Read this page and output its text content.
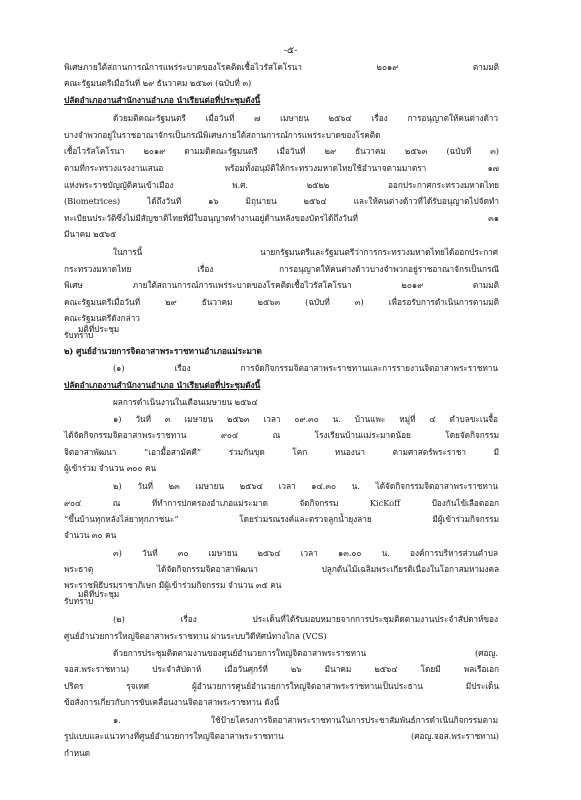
-๕-
พิเศษภายใต้สถานการณ์การแพร่ระบาดของโรคติดเชื้อไวรัสโคโรนา ๒๐๑๙ ตามมติ
คณะรัฐมนตรีเมื่อวันที่ ๒๙ ธันวาคม ๒๕๖๓ (ฉบับที่ ๓)
ปลัดอำเภองานสำนักงานอำเภอ นำเรียนต่อที่ประชุมดังนี้
ด้วยมติคณะรัฐมนตรี เมื่อวันที่ ๗ เมษายน ๒๕๖๔ เรื่อง การอนุญาตให้คนต่างด้าว
บางจำพวกอยู่ในราชอาณาจักรเป็นกรณีพิเศษภายใต้สถานการณ์การแพร่ระบาดของโรคติด
เชื้อไวรัสโคโรนา ๒๐๑๙ ตามมติคณะรัฐมนตรี เมื่อวันที่ ๒๙ ธันวาคม ๒๕๖๓ (ฉบับที่ ๓)
ตามที่กระทรวงแรงงานเสนอ พร้อมทั้งอนุมัติให้กระทรวงมหาดไทยใช้อำนาจตามมาตรา ๑๗
แห่งพระราชบัญญัติคนเข้าเมือง พ.ศ. ๒๕๒๒ ออกประกาศกระทรวงมหาดไทย
(Biometrices) ได้ถึงวันที่ ๑๖ มิถุนายน ๒๕๖๔ และให้คนต่างด้าวที่ได้รับอนุญาตไปจัดทำ
ทะเบียนประวัติซึ่งไม่มีสัญชาติไทยที่มีใบอนุญาตทำงานอยู่ด้านหลังของบัตรได้ถึงวันที่ ๓๑
มีนาคม ๒๕๖๕
ในการนี้ นายกรัฐมนตรีและรัฐมนตรีว่าการกระทรวงมหาดไทยได้ออกประกาศ
กระทรวงมหาดไทย เรื่อง การอนุญาตให้คนต่างด้าวบางจำพวกอยู่ราชอาณาจักรเป็นกรณี
พิเศษ ภายใต้สถานการณ์การแพร่ระบาดของโรคติดเชื้อไวรัสโคโรนา ๒๐๑๙ ตามมติ
คณะรัฐมนตรีเมื่อวันที่ ๒๙ ธันวาคม ๒๕๖๓ (ฉบับที่ ๓) เพื่อรอรับการดำเนินการตามมติ
คณะรัฐมนตรีดังกล่าว
มติที่ประชุม
รับทราบ
๒) ศูนย์อำนวยการจิตอาสาพระราชทานอำเภอแม่ระมาด
(๑) เรื่อง การจัดกิจกรรมจิตอาสาพระราชทานและการรายงานจิตอาสาพระราชทาน
ปลัดอำเภองานสำนักงานอำเภอ นำเรียนต่อที่ประชุมดังนี้
ผลการดำเนินงานในเดือนเมษายน ๒๕๖๔
๑) วันที่ ๓ เมษายน ๒๕๖๓ เวลา ๐๙.๓๐ น. บ้านแพะ หมู่ที่ ๔ ตำบลขะเนจื้อ
ได้จัดกิจกรรมจิตอาสาพระราชทาน ๙๐๔ ณ โรงเรียนบ้านแม่ระมาดน้อย โดยจัดกิจกรรม
จิตอาสาพัฒนา “เอามื้อสามัคคี” ร่วมกันขุด โคก หนองนา ตามศาสตร์พระราชา มี
ผู้เข้าร่วม จำนวน ๓๐๐ คน
๒) วันที่ ๒๓ เมษายน ๒๕๖๔ เวลา ๑๔.๓๐ น. ได้จัดกิจกรรมจิตอาสาพระราชทาน
๙๐๔ ณ ที่ทำการปกครองอำเภอแม่ระมาด จัดกิจกรรม KicKoff ป้องกันไข้เลือดออก
“ขึ้นบ้านทุกหลังไล่ยาทุกภาชนะ” โดยร่วมรณรงค์และตรวจลูกน้ำยุงลาย มีผู้เข้าร่วมกิจกรรม
จำนวน ๓๐ คน
๓) วันที่ ๓๐ เมษายน ๒๕๖๔ เวลา ๑๓.๐๐ น. องค์การบริหารส่วนตำบล
พระธาตุ ได้จัดกิจกรรมจิตอาสาพัฒนา ปลูกต้นไม้เฉลิมพระเกียรติเนื่องในโอกาสมหามงคล
พระราชพิธีบรมราชาภิเษก มีผู้เข้าร่วมกิจกรรม จำนวน ๓๕ คน
มติที่ประชุม
รับทราบ
(๒) เรื่อง ประเด็นที่ได้รับมอบหมายจากการประชุมติดตามงานประจำสัปดาห์ของ
ศูนย์อำนวยการใหญ่จิตอาสาพระราชทาน ผ่านระบบวิดีทัศน์ทางไกล (VCS)
ด้วยการประชุมติดตามงานของศูนย์อำนวยการใหญ่จิตอาสาพระราชทาน (ศอญ.
จอส.พระราชทาน) ประจำสัปดาห์ เมื่อวันศุกร์ที่ ๒๖ มีนาคม ๒๕๖๔ โดยมี พลเรือเอก
ปริตร รุจเทศ ผู้อำนวยการศูนย์อำนวยการใหญ่จิตอาสาพระราชทานเป็นประธาน มีประเด็น
ข้อสั่งการเกี่ยวกับการขับเคลื่อนงานจิตอาสาพระราชทาน ดังนี้
๑. ใช้ป้ายโครงการจิตอาสาพระราชทานในการประชาสัมพันธ์การดำเนินกิจกรรมตาม
รูปแบบและแนวทางที่ศูนย์อำนวยการใหญ่จิตอาสาพระราชทาน (ศอญ.จอส.พระราชทาน)
กำหนด
